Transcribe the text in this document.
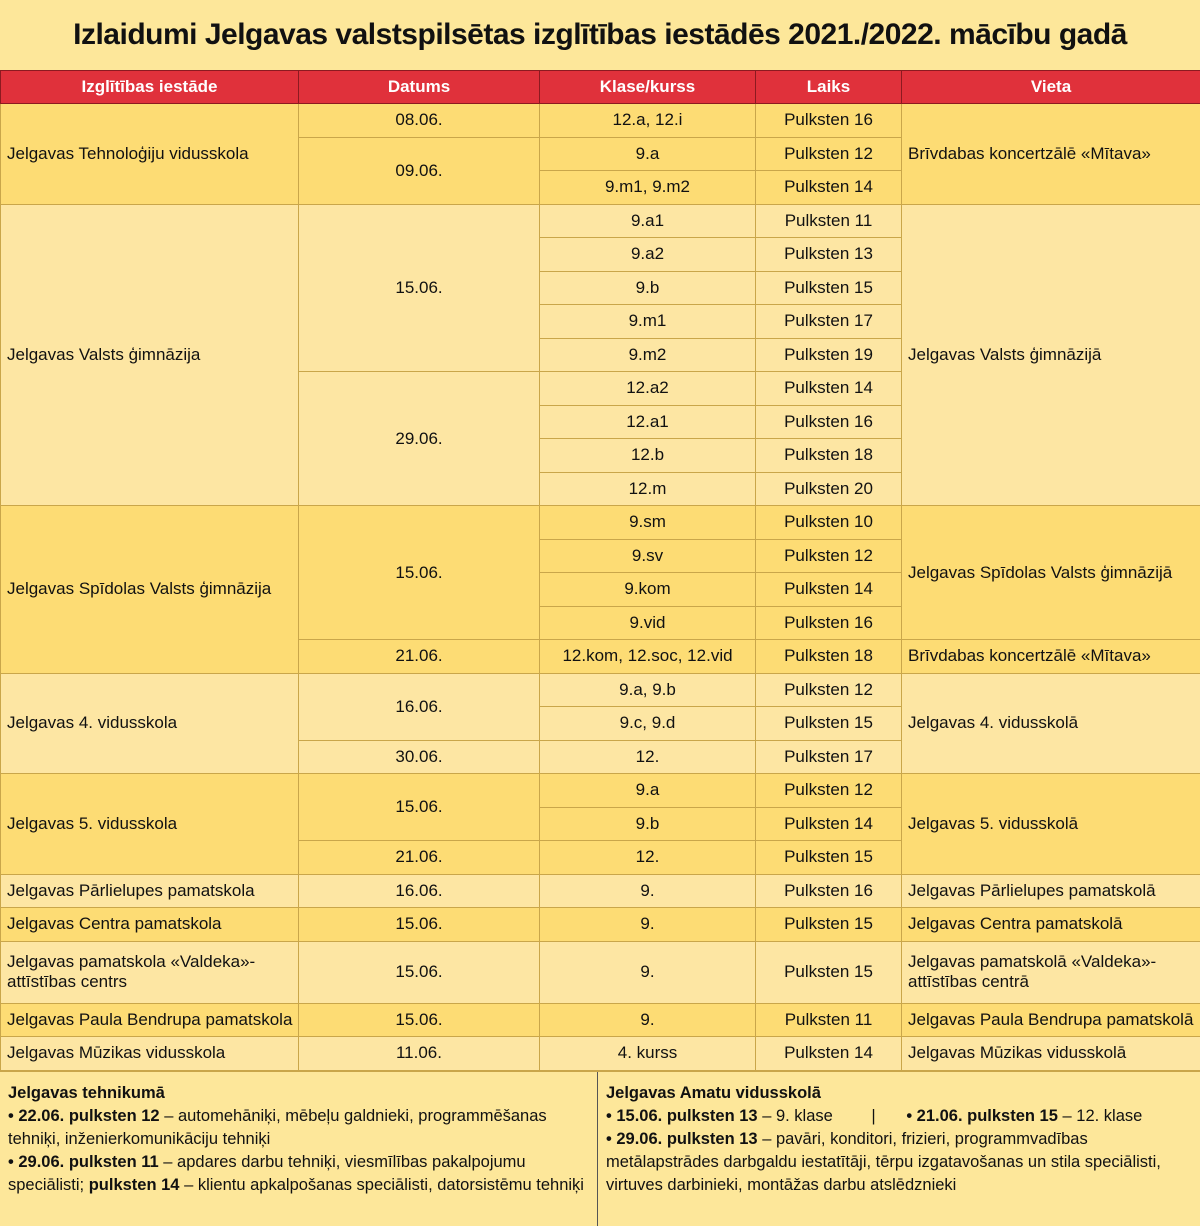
Izlaidumi Jelgavas valstspilsētas izglītības iestādēs 2021./2022. mācību gadā
Izglītības iestāde	Datums	Klase/kurss	Laiks	Vieta
Jelgavas Tehnoloģiju vidusskola	08.06.	12.a, 12.i	Pulksten 16	Brīvdabas koncertzālē «Mītava»
	09.06.	9.a	Pulksten 12	
		9.m1, 9.m2	Pulksten 14	
Jelgavas Valsts ģimnāzija	15.06.	9.a1	Pulksten 11	Jelgavas Valsts ģimnāzijā
		9.a2	Pulksten 13	
		9.b	Pulksten 15	
		9.m1	Pulksten 17	
		9.m2	Pulksten 19	
	29.06.	12.a2	Pulksten 14	
		12.a1	Pulksten 16	
		12.b	Pulksten 18	
		12.m	Pulksten 20	
Jelgavas Spīdolas Valsts ģimnāzija	15.06.	9.sm	Pulksten 10	Jelgavas Spīdolas Valsts ģimnāzijā
		9.sv	Pulksten 12	
		9.kom	Pulksten 14	
		9.vid	Pulksten 16	
	21.06.	12.kom, 12.soc, 12.vid	Pulksten 18	Brīvdabas koncertzālē «Mītava»
Jelgavas 4. vidusskola	16.06.	9.a, 9.b	Pulksten 12	Jelgavas 4. vidusskolā
		9.c, 9.d	Pulksten 15	
	30.06.	12.	Pulksten 17	
Jelgavas 5. vidusskola	15.06.	9.a	Pulksten 12	Jelgavas 5. vidusskolā
		9.b	Pulksten 14	
	21.06.	12.	Pulksten 15	
Jelgavas Pārlielupes pamatskola	16.06.	9.	Pulksten 16	Jelgavas Pārlielupes pamatskolā
Jelgavas Centra pamatskola	15.06.	9.	Pulksten 15	Jelgavas Centra pamatskolā
Jelgavas pamatskola «Valdeka»-attīstības centrs	15.06.	9.	Pulksten 15	Jelgavas pamatskolā «Valdeka»-attīstības centrā
Jelgavas Paula Bendrupa pamatskola	15.06.	9.	Pulksten 11	Jelgavas Paula Bendrupa pamatskolā
Jelgavas Mūzikas vidusskola	11.06.	4. kurss	Pulksten 14	Jelgavas Mūzikas vidusskolā
Jelgavas tehnikumā
• 22.06. pulksten 12 – automehāniķi, mēbeļu galdnieki, programmēšanas tehniķi, inženierkomunikāciju tehniķi
• 29.06. pulksten 11 – apdares darbu tehniķi, viesmīlības pakalpojumu speciālisti; pulksten 14 – klientu apkalpošanas speciālisti, datorsistēmu tehniķi
Jelgavas Amatu vidusskolā
• 15.06. pulksten 13 – 9. klase | • 21.06. pulksten 15 – 12. klase
• 29.06. pulksten 13 – pavāri, konditori, frizieri, programmvadības metālapstrādes darbgaldu iestatītāji, tērpu izgatavošanas un stila speciālisti, virtuves darbinieki, montāžas darbu atslēdznieki
